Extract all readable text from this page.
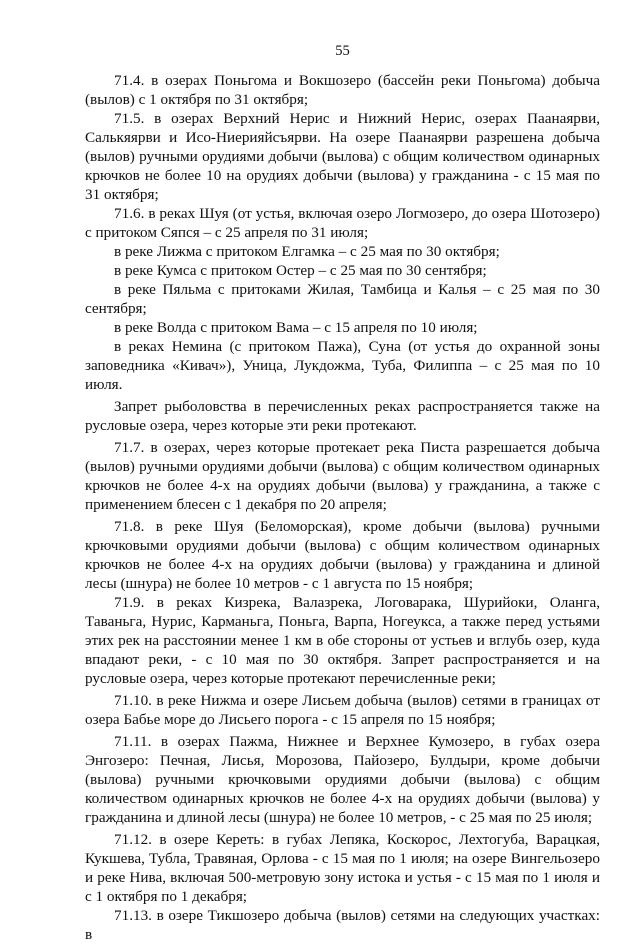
55

71.4. в озерах Поньгома и Вокшозеро (бассейн реки Поньгома) добыча (вылов) с 1 октября по 31 октября;

71.5. в озерах Верхний Нерис и Нижний Нерис, озерах Паанаярви, Салькяярви и Исо-Ниерияйсъярви. На озере Паанаярви разрешена добыча (вылов) ручными орудиями добычи (вылова) с общим количеством одинарных крючков не более 10 на орудиях добычи (вылова) у гражданина - с 15 мая по 31 октября;

71.6. в реках Шуя (от устья, включая озеро Логмозеро, до озера Шотозеро) с притоком Сяпся – с 25 апреля по 31 июля;

в реке Лижма с притоком Елгамка – с 25 мая по 30 октября;

в реке Кумса с притоком Остер – с 25 мая по 30 сентября;

в реке Пяльма с притоками Жилая, Тамбица и Калья – с 25 мая по 30 сентября;

в реке Волда с притоком Вама – с 15 апреля по 10 июля;

в реках Немина (с притоком Пажа), Суна (от устья до охранной зоны заповедника «Кивач»), Уница, Лукдожма, Туба, Филиппа – с 25 мая по 10 июля.

Запрет рыболовства в перечисленных реках распространяется также на русловые озера, через которые эти реки протекают.

71.7. в озерах, через которые протекает река Писта разрешается добыча (вылов) ручными орудиями добычи (вылова) с общим количеством одинарных крючков не более 4-х на орудиях добычи (вылова) у гражданина, а также с применением блесен с 1 декабря по 20 апреля;

71.8. в реке Шуя (Беломорская), кроме добычи (вылова) ручными крючковыми орудиями добычи (вылова) с общим количеством одинарных крючков не более 4-х на орудиях добычи (вылова) у гражданина и длиной лесы (шнура) не более 10 метров - с 1 августа по 15 ноября;

71.9. в реках Кизрека, Валазрека, Логоварака, Шурийоки, Оланга, Таваньга, Нурис, Карманьга, Поньга, Варпа, Ногеукса, а также перед устьями этих рек на расстоянии менее 1 км в обе стороны от устьев и вглубь озер, куда впадают реки, - с 10 мая по 30 октября. Запрет распространяется и на русловые озера, через которые протекают перечисленные реки;

71.10. в реке Нижма и озере Лисьем добыча (вылов) сетями в границах от озера Бабье море до Лисьего порога - с 15 апреля по 15 ноября;

71.11. в озерах Пажма, Нижнее и Верхнее Кумозеро, в губах озера Энгозеро: Печная, Лисья, Морозова, Пайозеро, Булдыри, кроме добычи (вылова) ручными крючковыми орудиями добычи (вылова) с общим количеством одинарных крючков не более 4-х на орудиях добычи (вылова) у гражданина и длиной лесы (шнура) не более 10 метров, - с 25 мая по 25 июля;

71.12. в озере Кереть: в губах Лепяка, Коскорос, Лехтогуба, Варацкая, Кукшева, Тубла, Травяная, Орлова - с 15 мая по 1 июля; на озере Вингельозеро и реке Нива, включая 500-метровую зону истока и устья - с 15 мая по 1 июля и с 1 октября по 1 декабря;

71.13. в озере Тикшозеро добыча (вылов) сетями на следующих участках: в
